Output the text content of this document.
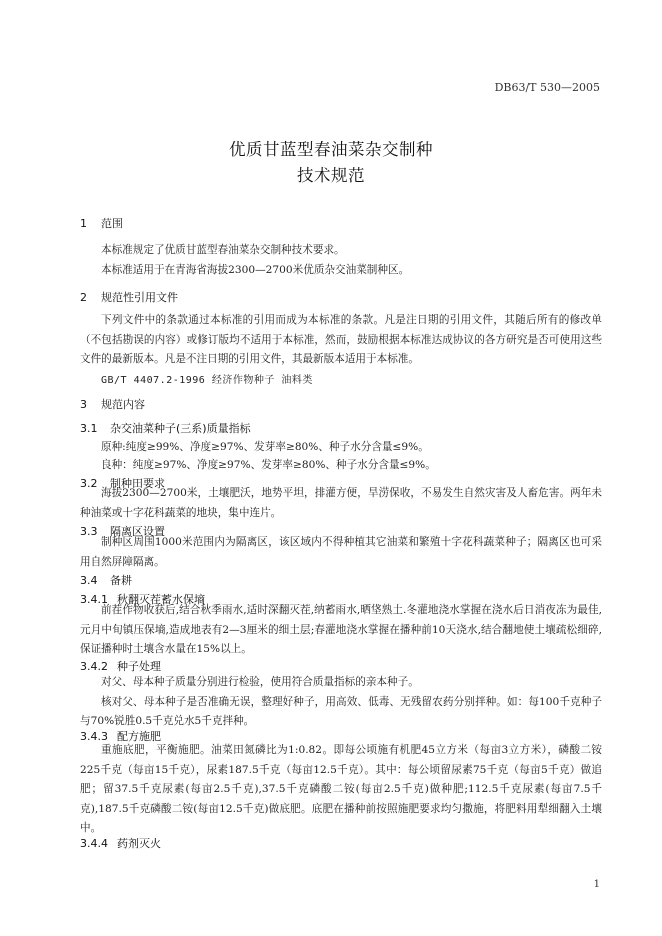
DB63/T 530—2005
优质甘蓝型春油菜杂交制种
技术规范
1 范围
本标准规定了优质甘蓝型春油菜杂交制种技术要求。
本标准适用于在青海省海拔2300—2700米优质杂交油菜制种区。
2 规范性引用文件

下列文件中的条款通过本标准的引用而成为本标准的条款。凡是注日期的引用文件，其随后所有的修改单（不包括勘误的内容）或修订版均不适用于本标准，然而，鼓励根据本标准达成协议的各方研究是否可使用这些文件的最新版本。凡是不注日期的引用文件，其最新版本适用于本标准。

GB/T 4407.2-1996 经济作物种子 油料类
3 规范内容
3.1 杂交油菜种子(三系)质量指标
原种:纯度≥99%、净度≥97%、发芽率≥80%、种子水分含量≤9%。
良种：纯度≥97%、净度≥97%、发芽率≥80%、种子水分含量≤9%。
3.2 制种田要求

海拔2300—2700米，土壤肥沃，地势平坦，排灌方便，旱涝保收，不易发生自然灾害及人畜危害。两年未种油菜或十字花科蔬菜的地块，集中连片。

3.3 隔离区设置

制种区周围1000米范围内为隔离区，该区域内不得种植其它油菜和繁殖十字花科蔬菜种子；隔离区也可采用自然屏障隔离。

3.4 备耕
3.4.1 秋翻灭茬蓄水保墒

前茬作物收获后,结合秋季雨水,适时深翻灭茬,纳蓄雨水,晒垡熟土.冬灌地浇水掌握在浇水后日消夜冻为最佳,元月中旬镇压保墒,造成地表有2—3厘米的细土层;春灌地浇水掌握在播种前10天浇水,结合翻地使土壤疏松细碎,保证播种时土壤含水量在15%以上。

3.4.2 种子处理

对父、母本种子质量分别进行检验，使用符合质量指标的亲本种子。

核对父、母本种子是否准确无误，整理好种子，用高效、低毒、无残留农药分别拌种。如：每100千克种子与70%锐胜0.5千克兑水5千克拌种。

3.4.3 配方施肥

重施底肥，平衡施肥。油菜田氮磷比为1:0.82。即每公顷施有机肥45立方米（每亩3立方米），磷酸二铵225千克（每亩15千克），尿素187.5千克（每亩12.5千克）。其中：每公顷留尿素75千克（每亩5千克）做追肥；留37.5千克尿素(每亩2.5千克),37.5千克磷酸二铵(每亩2.5千克)做种肥;112.5千克尿素(每亩7.5千克),187.5千克磷酸二铵(每亩12.5千克)做底肥。底肥在播种前按照施肥要求均匀撒施，将肥料用犁细翻入土壤中。

3.4.4 药剂灭火
1
